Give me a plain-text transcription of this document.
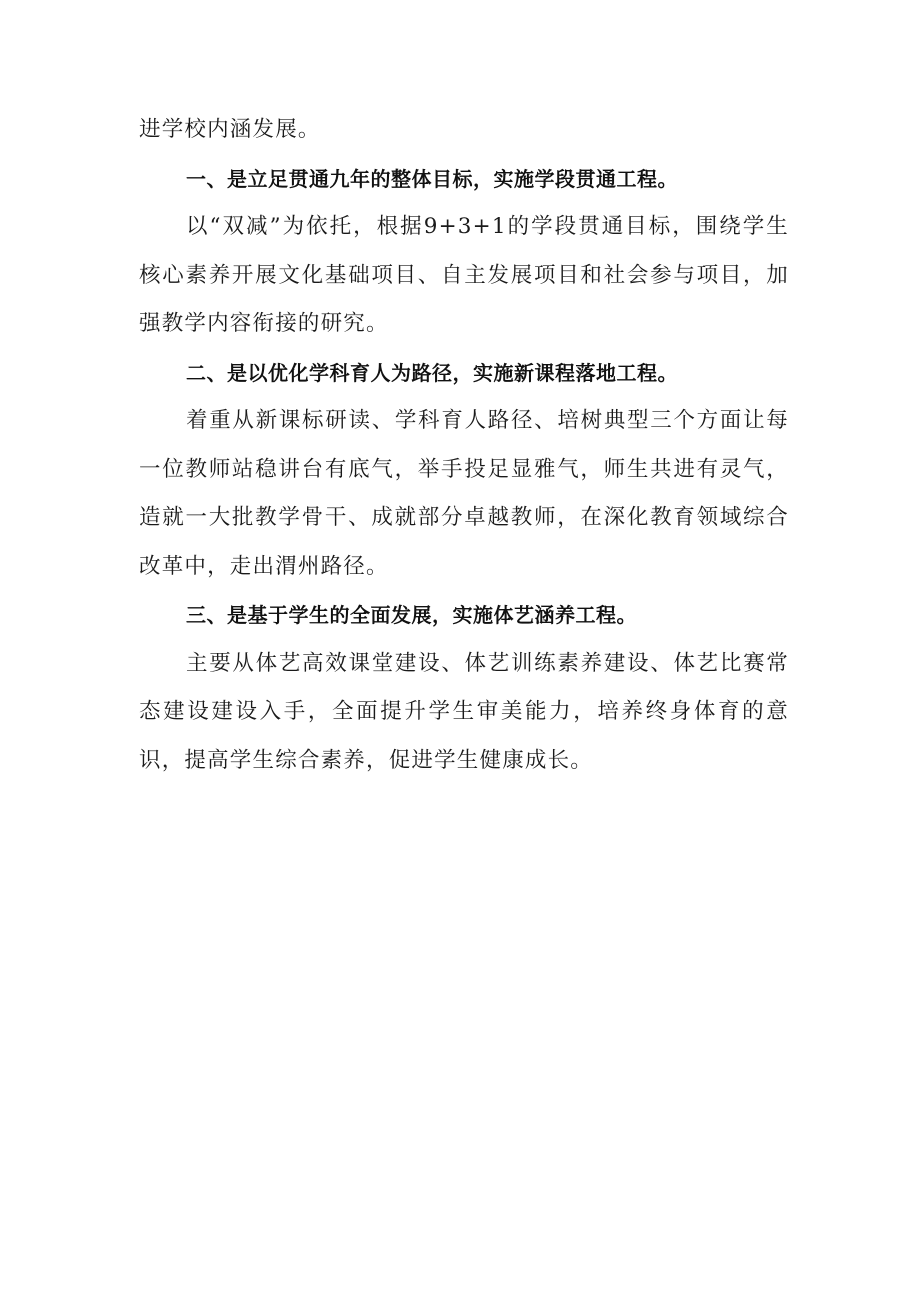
进学校内涵发展。

一、是立足贯通九年的整体目标，实施学段贯通工程。

以“双减”为依托，根据9+3+1的学段贯通目标，围绕学生核心素养开展文化基础项目、自主发展项目和社会参与项目，加强教学内容衔接的研究。

二、是以优化学科育人为路径，实施新课程落地工程。

着重从新课标研读、学科育人路径、培树典型三个方面让每一位教师站稳讲台有底气，举手投足显雅气，师生共进有灵气，造就一大批教学骨干、成就部分卓越教师，在深化教育领域综合改革中，走出渭州路径。

三、是基于学生的全面发展，实施体艺涵养工程。

主要从体艺高效课堂建设、体艺训练素养建设、体艺比赛常态建设建设入手，全面提升学生审美能力，培养终身体育的意识，提高学生综合素养，促进学生健康成长。
